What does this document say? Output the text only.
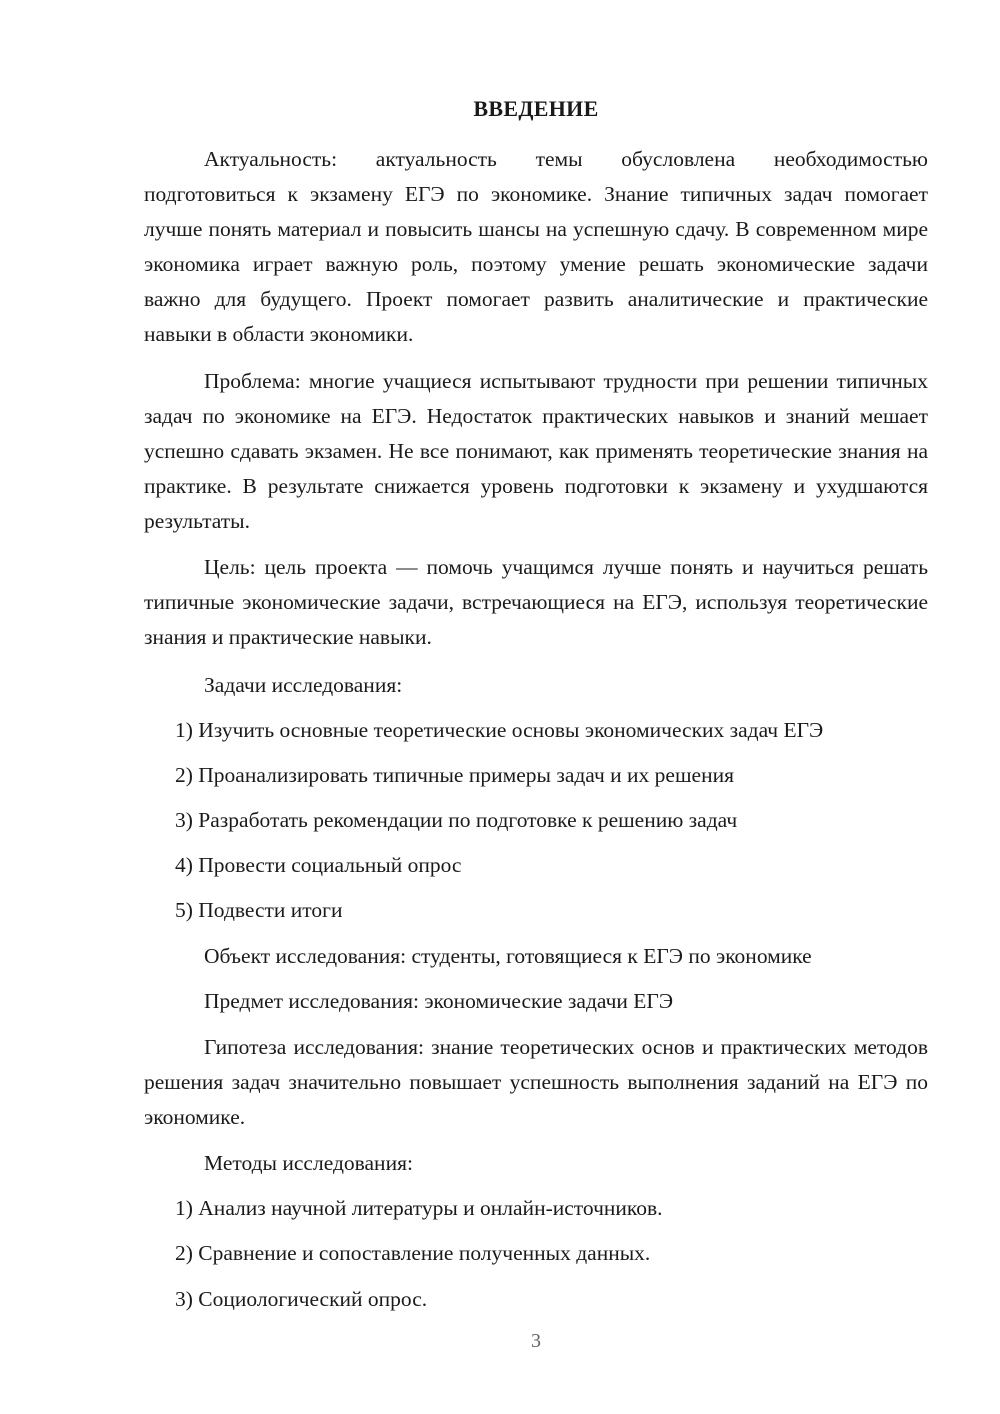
ВВЕДЕНИЕ

Актуальность: актуальность темы обусловлена необходимостью подготовиться к экзамену ЕГЭ по экономике. Знание типичных задач помогает лучше понять материал и повысить шансы на успешную сдачу. В современном мире экономика играет важную роль, поэтому умение решать экономические задачи важно для будущего. Проект помогает развить аналитические и практические навыки в области экономики.

Проблема: многие учащиеся испытывают трудности при решении типичных задач по экономике на ЕГЭ. Недостаток практических навыков и знаний мешает успешно сдавать экзамен. Не все понимают, как применять теоретические знания на практике. В результате снижается уровень подготовки к экзамену и ухудшаются результаты.

Цель: цель проекта — помочь учащимся лучше понять и научиться решать типичные экономические задачи, встречающиеся на ЕГЭ, используя теоретические знания и практические навыки.

Задачи исследования:
1) Изучить основные теоретические основы экономических задач ЕГЭ
2) Проанализировать типичные примеры задач и их решения
3) Разработать рекомендации по подготовке к решению задач
4) Провести социальный опрос
5) Подвести итоги
Объект исследования: студенты, готовящиеся к ЕГЭ по экономике
Предмет исследования: экономические задачи ЕГЭ

Гипотеза исследования: знание теоретических основ и практических методов решения задач значительно повышает успешность выполнения заданий на ЕГЭ по экономике.

Методы исследования:
1) Анализ научной литературы и онлайн-источников.
2) Сравнение и сопоставление полученных данных.
3) Социологический опрос.
3
